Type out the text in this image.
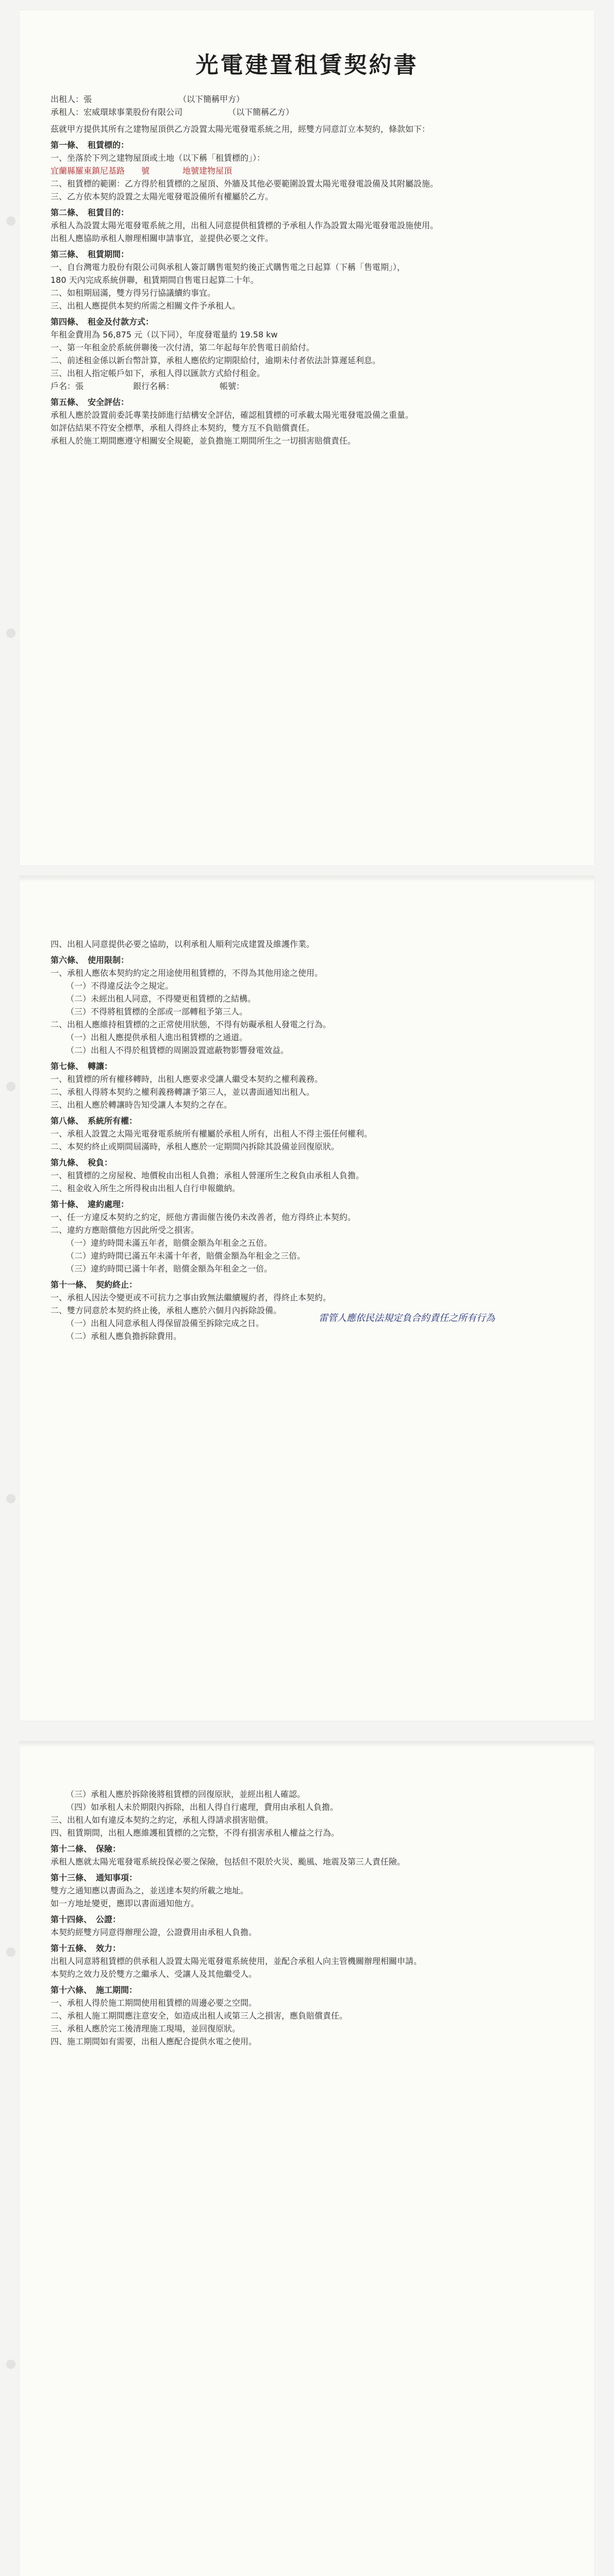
光電建置租賃契約書

出租人：張　　　　　　　　　　　（以下簡稱甲方）

承租人：宏威環球事業股份有限公司　　　　　　（以下簡稱乙方）

茲就甲方提供其所有之建物屋頂供乙方設置太陽光電發電系統之用，經雙方同意訂立本契約，條款如下：

第一條、　租賃標的：

一、坐落於下列之建物屋頂或土地（以下稱「租賃標的」）：

宜蘭縣羅東鎮尼基路　　號　　　　地號建物屋頂

二、租賃標的範圍：乙方得於租賃標的之屋頂、外牆及其他必要範圍設置太陽光電發電設備及其附屬設施。

三、乙方依本契約設置之太陽光電發電設備所有權屬於乙方。

第二條、　租賃目的：

承租人為設置太陽光電發電系統之用，出租人同意提供租賃標的予承租人作為設置太陽光電發電設施使用。

出租人應協助承租人辦理相關申請事宜，並提供必要之文件。

第三條、　租賃期間：

一、自台灣電力股份有限公司與承租人簽訂購售電契約後正式購售電之日起算（下稱「售電期」），

180 天內完成系統併聯，租賃期間自售電日起算二十年。

二、如租期屆滿，雙方得另行協議續約事宜。

三、出租人應提供本契約所需之相關文件予承租人。

第四條、　租金及付款方式：

年租金費用為 56,875 元（以下同），年度發電量約 19.58 kw

一、第一年租金於系統併聯後一次付清，第二年起每年於售電日前給付。

二、前述租金係以新台幣計算，承租人應依約定期限給付，逾期未付者依法計算遲延利息。

三、出租人指定帳戶如下，承租人得以匯款方式給付租金。

戶名：張　　　　　　銀行名稱：　　　　　　帳號：

第五條、　安全評估：

承租人應於設置前委託專業技師進行結構安全評估，確認租賃標的可承載太陽光電發電設備之重量。

如評估結果不符安全標準，承租人得終止本契約，雙方互不負賠償責任。

承租人於施工期間應遵守相關安全規範，並負擔施工期間所生之一切損害賠償責任。

四、出租人同意提供必要之協助，以利承租人順利完成建置及維護作業。

第六條、　使用限制：

一、承租人應依本契約約定之用途使用租賃標的，不得為其他用途之使用。

（一）不得違反法令之規定。

（二）未經出租人同意，不得變更租賃標的之結構。

（三）不得將租賃標的全部或一部轉租予第三人。

二、出租人應維持租賃標的之正常使用狀態，不得有妨礙承租人發電之行為。

（一）出租人應提供承租人進出租賃標的之通道。

（二）出租人不得於租賃標的周圍設置遮蔽物影響發電效益。

第七條、　轉讓：

一、租賃標的所有權移轉時，出租人應要求受讓人繼受本契約之權利義務。

二、承租人得將本契約之權利義務轉讓予第三人，並以書面通知出租人。

三、出租人應於轉讓時告知受讓人本契約之存在。

第八條、　系統所有權：

一、承租人設置之太陽光電發電系統所有權屬於承租人所有，出租人不得主張任何權利。

二、本契約終止或期間屆滿時，承租人應於一定期間內拆除其設備並回復原狀。

第九條、　稅負：

一、租賃標的之房屋稅、地價稅由出租人負擔；承租人營運所生之稅負由承租人負擔。

二、租金收入所生之所得稅由出租人自行申報繳納。

第十條、　違約處理：

一、任一方違反本契約之約定，經他方書面催告後仍未改善者，他方得終止本契約。

二、違約方應賠償他方因此所受之損害。

（一）違約時間未滿五年者，賠償金額為年租金之五倍。

（二）違約時間已滿五年未滿十年者，賠償金額為年租金之三倍。

（三）違約時間已滿十年者，賠償金額為年租金之一倍。

第十一條、　契約終止：

一、承租人因法令變更或不可抗力之事由致無法繼續履約者，得終止本契約。

二、雙方同意於本契約終止後，承租人應於六個月內拆除設備。

（一）出租人同意承租人得保留設備至拆除完成之日。

（二）承租人應負擔拆除費用。

雷管人應依民法規定負合約責任之所有行為

（三）承租人應於拆除後將租賃標的回復原狀，並經出租人確認。

（四）如承租人未於期限內拆除，出租人得自行處理，費用由承租人負擔。

三、出租人如有違反本契約之約定，承租人得請求損害賠償。

四、租賃期間，出租人應維護租賃標的之完整，不得有損害承租人權益之行為。

第十二條、　保險：

承租人應就太陽光電發電系統投保必要之保險，包括但不限於火災、颱風、地震及第三人責任險。

第十三條、　通知事項：

雙方之通知應以書面為之，並送達本契約所載之地址。

如一方地址變更，應即以書面通知他方。

第十四條、　公證：

本契約經雙方同意得辦理公證，公證費用由承租人負擔。

第十五條、　效力：

出租人同意將租賃標的供承租人設置太陽光電發電系統使用，並配合承租人向主管機關辦理相關申請。

本契約之效力及於雙方之繼承人、受讓人及其他繼受人。

第十六條、　施工期間：

一、承租人得於施工期間使用租賃標的周邊必要之空間。

二、承租人施工期間應注意安全，如造成出租人或第三人之損害，應負賠償責任。

三、承租人應於完工後清理施工現場，並回復原狀。

四、施工期間如有需要，出租人應配合提供水電之使用。
